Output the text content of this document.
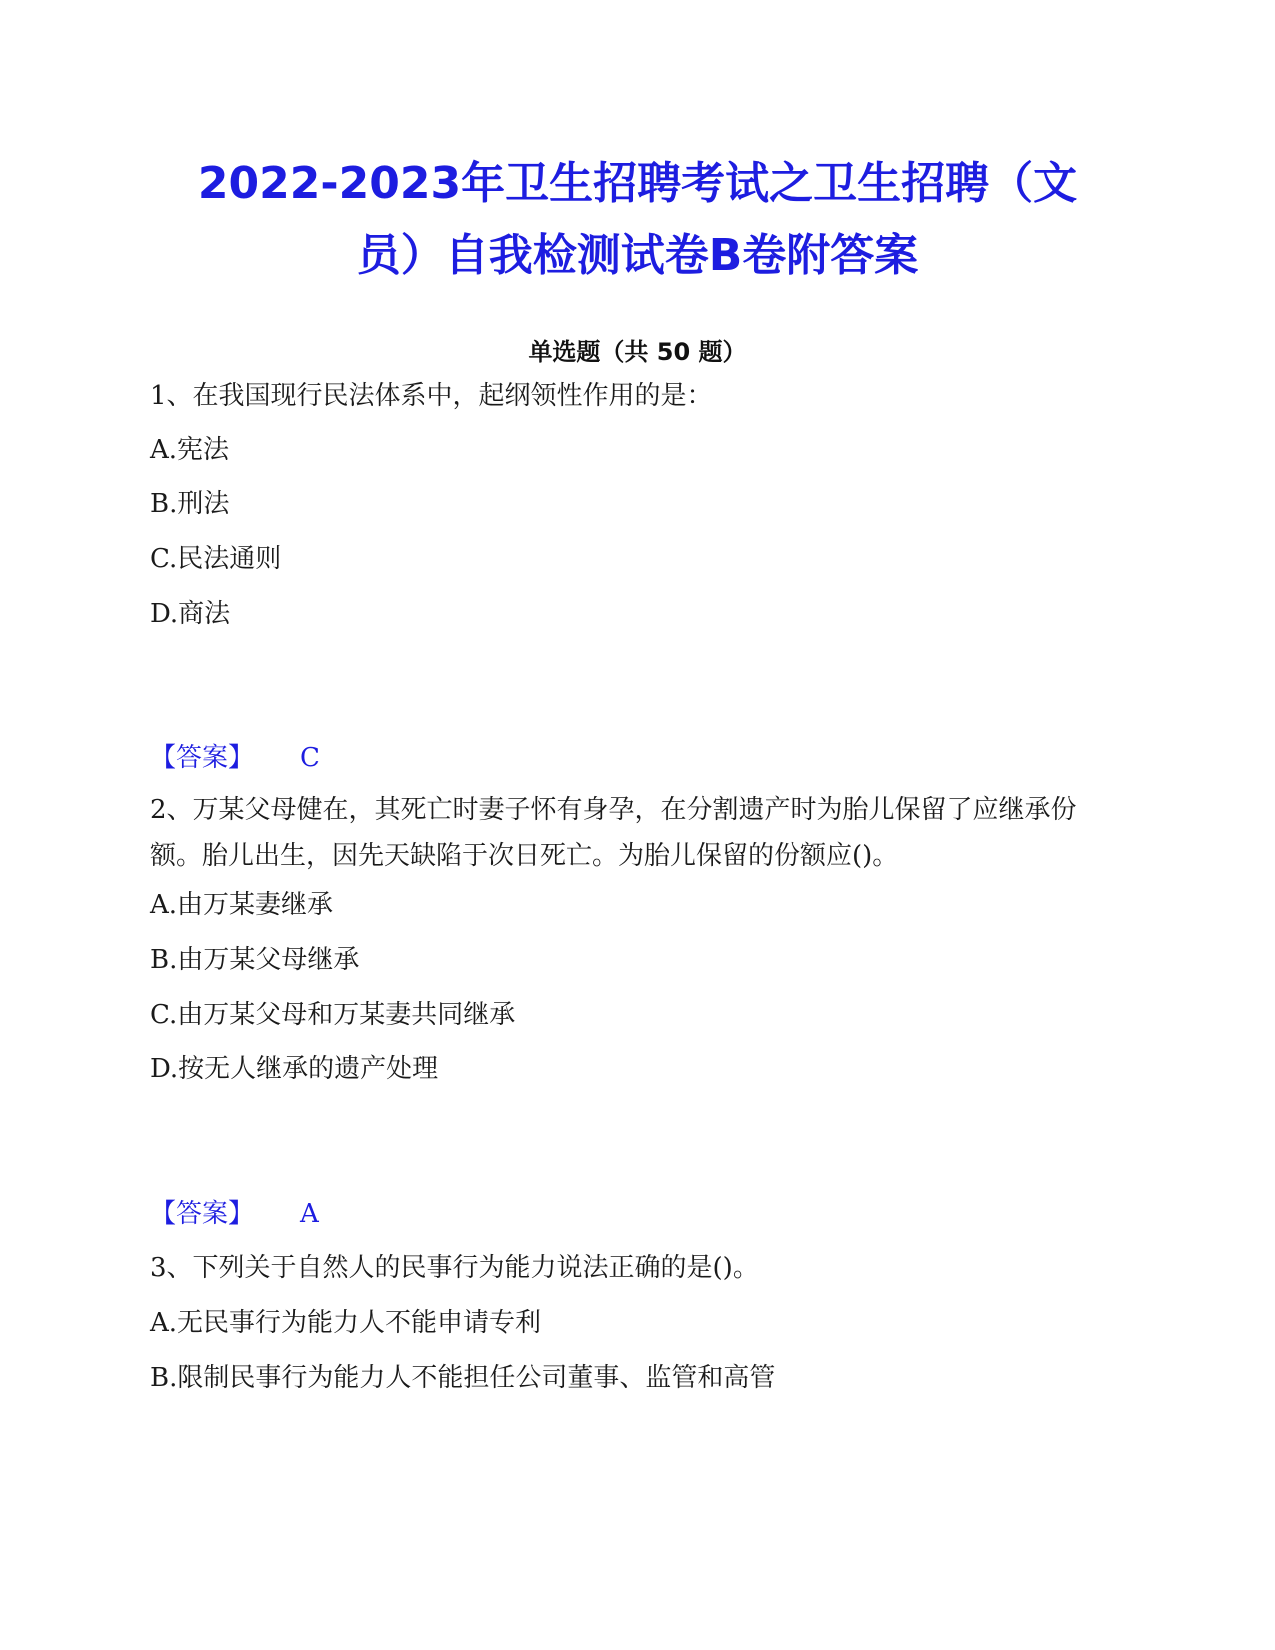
2022-2023年卫生招聘考试之卫生招聘（文
员）自我检测试卷B卷附答案
单选题（共 50 题）
1、在我国现行民法体系中，起纲领性作用的是：
A.宪法
B.刑法
C.民法通则
D.商法
【答案】 C
2、万某父母健在，其死亡时妻子怀有身孕，在分割遗产时为胎儿保留了应继承份额。胎儿出生，因先天缺陷于次日死亡。为胎儿保留的份额应()。
A.由万某妻继承
B.由万某父母继承
C.由万某父母和万某妻共同继承
D.按无人继承的遗产处理
【答案】 A
3、下列关于自然人的民事行为能力说法正确的是()。
A.无民事行为能力人不能申请专利
B.限制民事行为能力人不能担任公司董事、监管和高管
